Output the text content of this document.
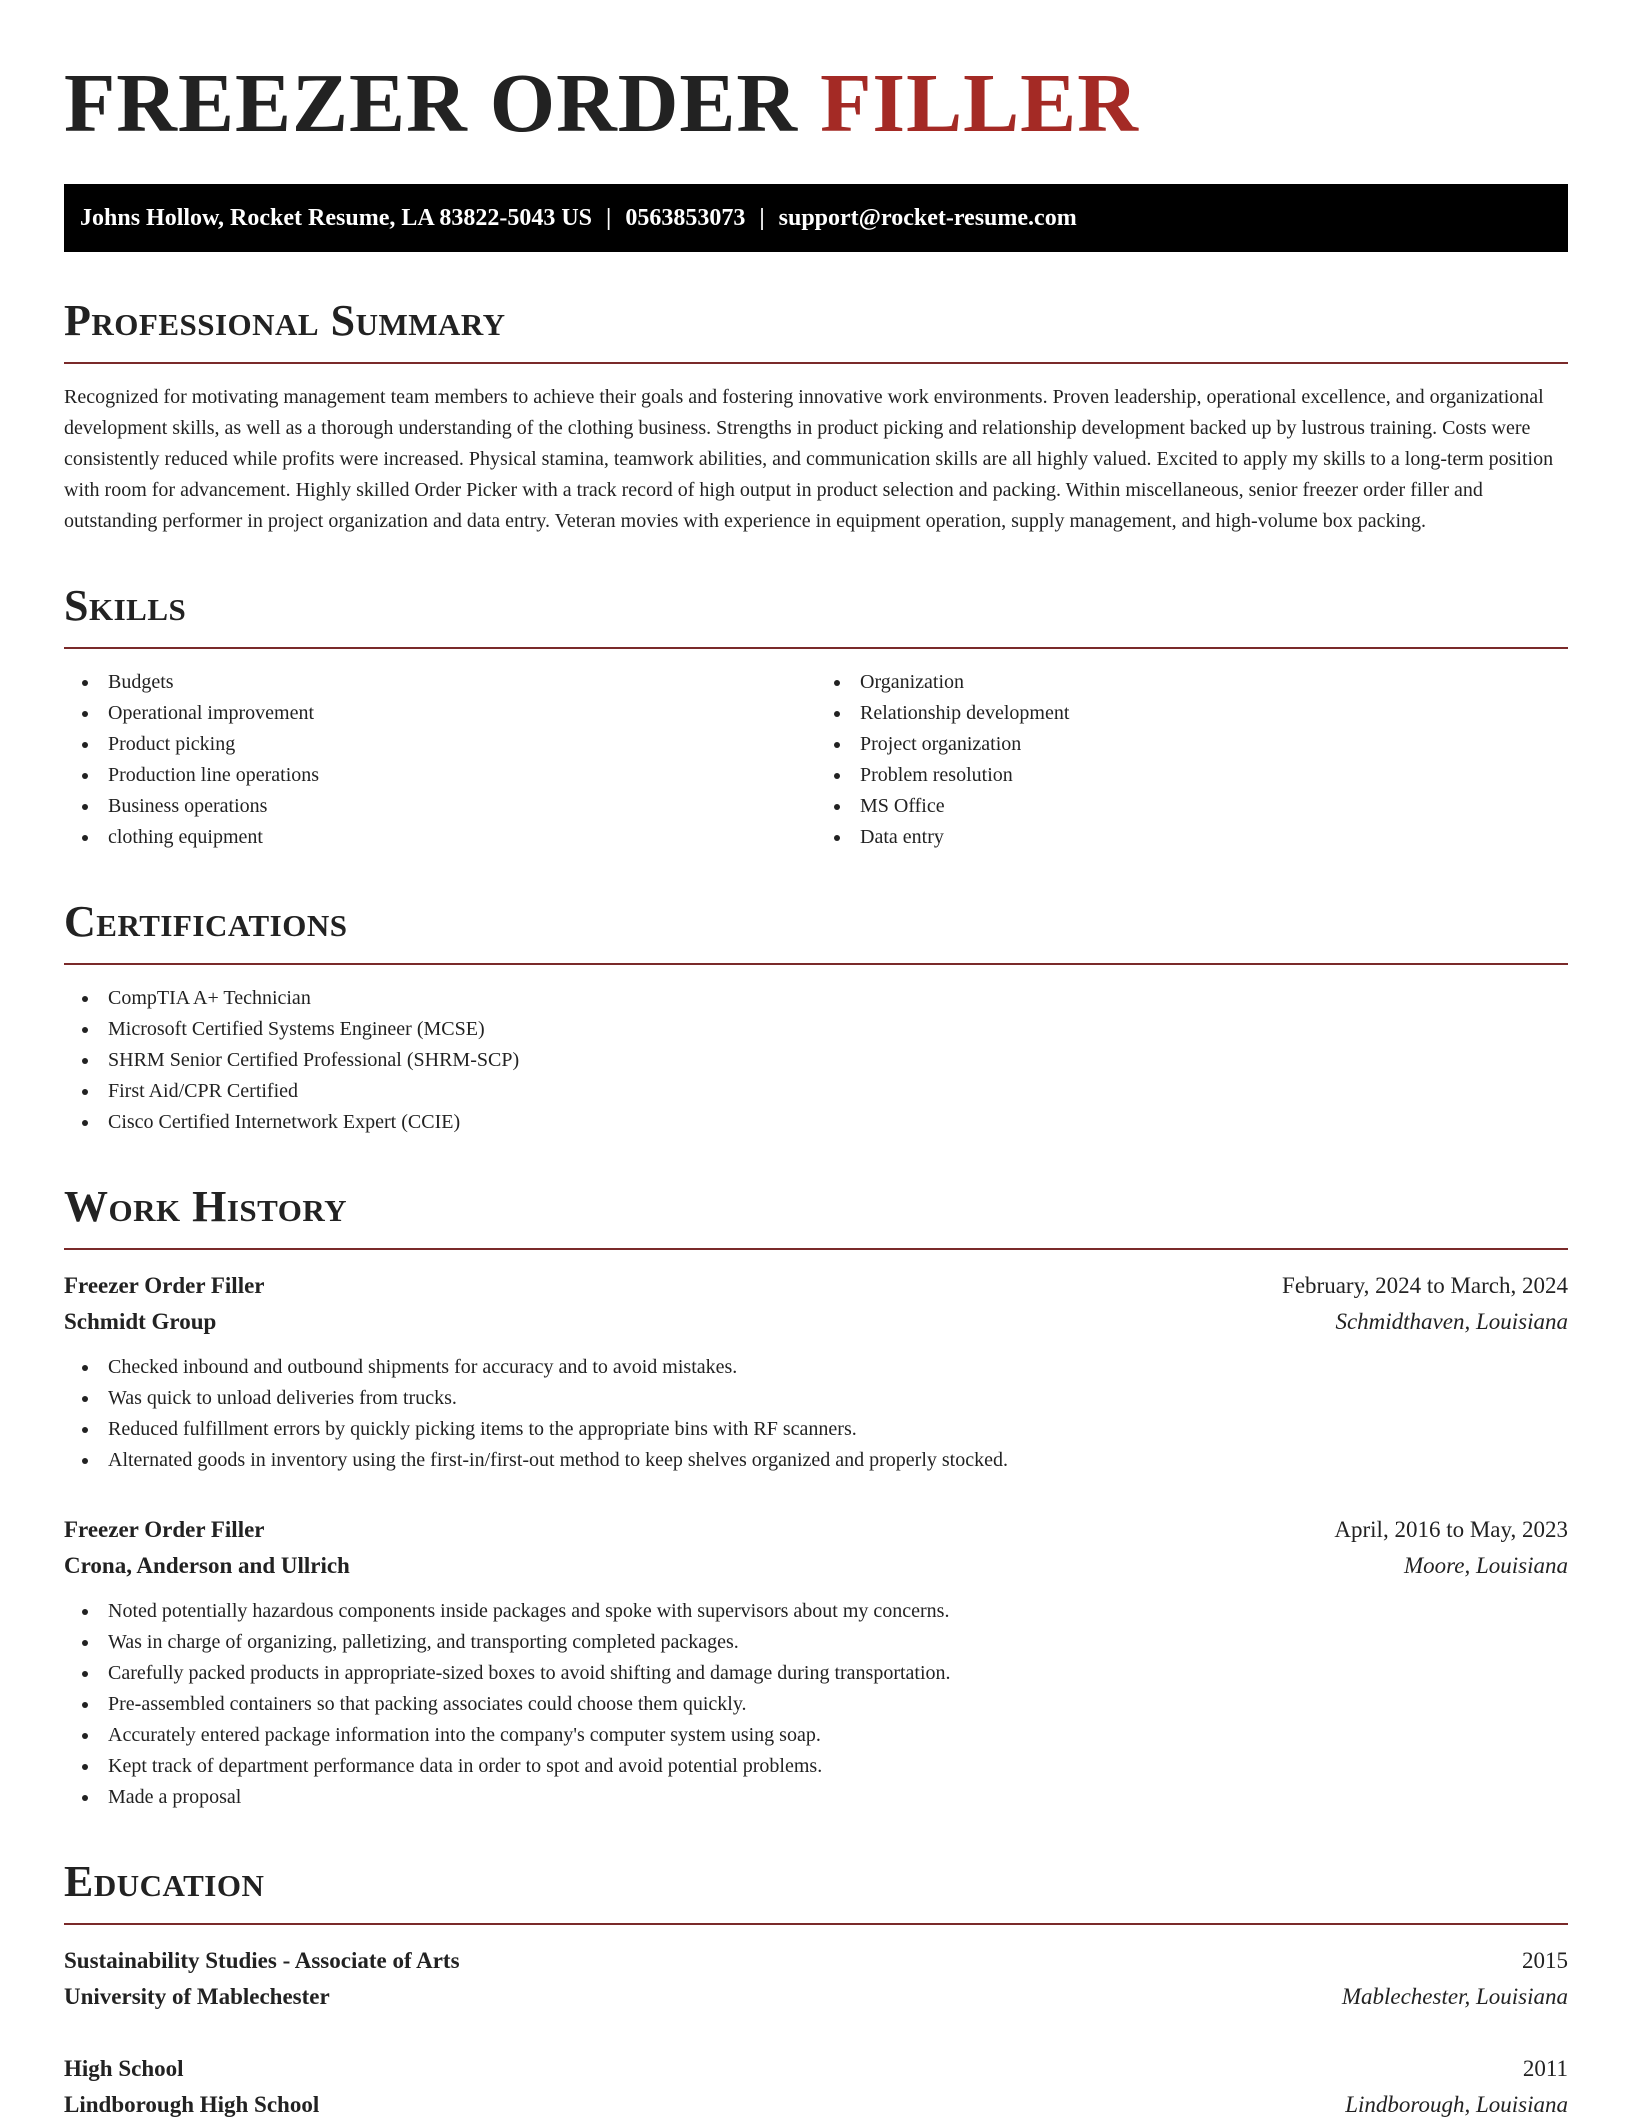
FREEZER ORDER FILLER
Johns Hollow, Rocket Resume, LA 83822-5043 US | 0563853073 | support@rocket-resume.com
Professional Summary

Recognized for motivating management team members to achieve their goals and fostering innovative work environments. Proven leadership, operational excellence, and organizational development skills, as well as a thorough understanding of the clothing business. Strengths in product picking and relationship development backed up by lustrous training. Costs were consistently reduced while profits were increased. Physical stamina, teamwork abilities, and communication skills are all highly valued. Excited to apply my skills to a long-term position with room for advancement. Highly skilled Order Picker with a track record of high output in product selection and packing. Within miscellaneous, senior freezer order filler and outstanding performer in project organization and data entry. Veteran movies with experience in equipment operation, supply management, and high-volume box packing.

Skills
Budgets
Operational improvement
Product picking
Production line operations
Business operations
clothing equipment
Organization
Relationship development
Project organization
Problem resolution
MS Office
Data entry
Certifications
CompTIA A+ Technician
Microsoft Certified Systems Engineer (MCSE)
SHRM Senior Certified Professional (SHRM-SCP)
First Aid/CPR Certified
Cisco Certified Internetwork Expert (CCIE)
Work History
Freezer Order Filler	February, 2024 to March, 2024
Schmidt Group	Schmidthaven, Louisiana
Checked inbound and outbound shipments for accuracy and to avoid mistakes.
Was quick to unload deliveries from trucks.
Reduced fulfillment errors by quickly picking items to the appropriate bins with RF scanners.
Alternated goods in inventory using the first-in/first-out method to keep shelves organized and properly stocked.
Freezer Order Filler	April, 2016 to May, 2023
Crona, Anderson and Ullrich	Moore, Louisiana
Noted potentially hazardous components inside packages and spoke with supervisors about my concerns.
Was in charge of organizing, palletizing, and transporting completed packages.
Carefully packed products in appropriate-sized boxes to avoid shifting and damage during transportation.
Pre-assembled containers so that packing associates could choose them quickly.
Accurately entered package information into the company's computer system using soap.
Kept track of department performance data in order to spot and avoid potential problems.
Made a proposal
Education
Sustainability Studies - Associate of Arts	2015
University of Mablechester	Mablechester, Louisiana
High School	2011
Lindborough High School	Lindborough, Louisiana
